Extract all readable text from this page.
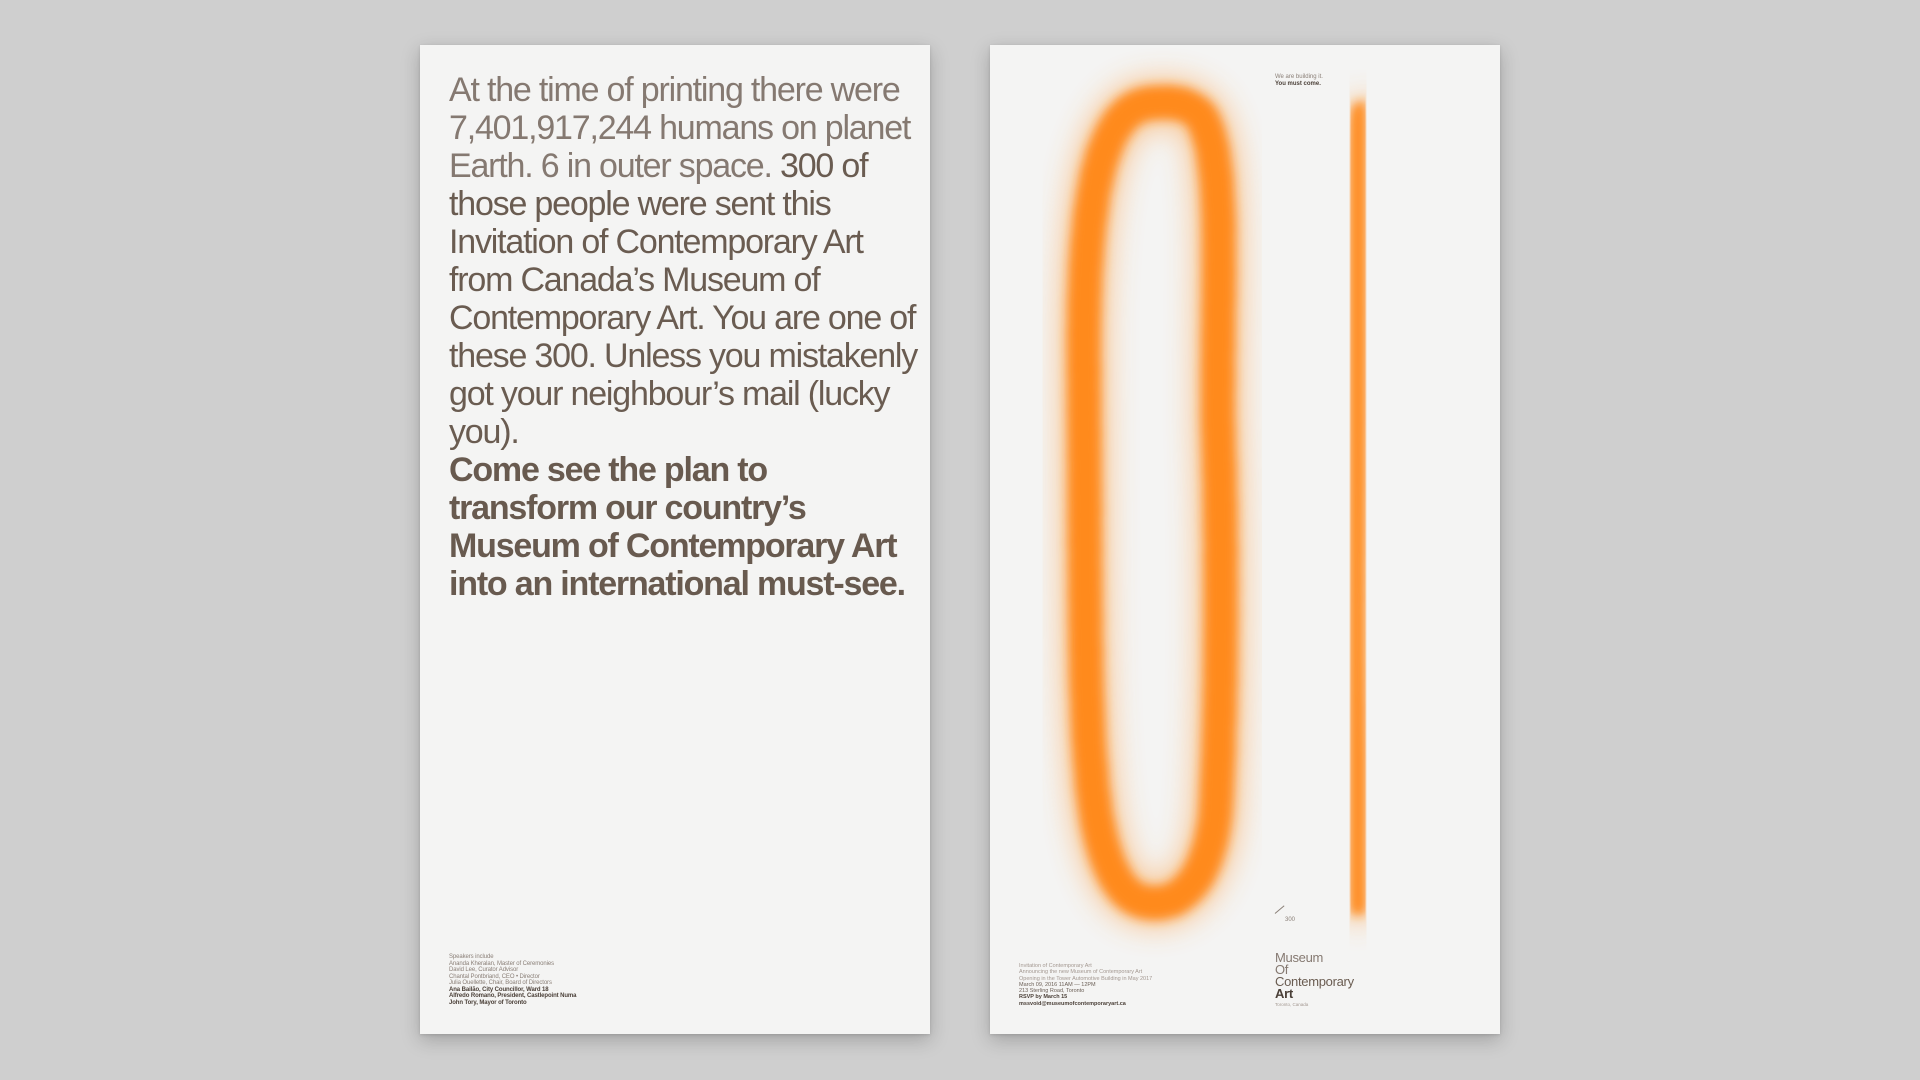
At the time of printing there were 7,401,917,244 humans on planet Earth. 6 in outer space. 300 of those people were sent this Invitation of Contemporary Art from Canada’s Museum of Contemporary Art. You are one of these 300. Unless you mistakenly got your neighbour’s mail (lucky you).
Come see the plan to transform our country’s Museum of Contemporary Art into an international must-see.
Speakers include
Ananda Kheralan, Master of Ceremonies
David Lee, Curator Advisor
Chantal Pontbriand, CEO • Director
Julia Ouellette, Chair, Board of Directors
Ana Bailão, City Councillor, Ward 18
Alfredo Romano, President, Castlepoint Numa
John Tory, Mayor of Toronto
We are building it.
You must come.
300
Invitation of Contemporary Art
Announcing the new Museum of Contemporary Art
Opening in the Tower Automotive Building in May 2017
March 09, 2016 11AM — 12PM
213 Sterling Road, Toronto
RSVP by March 15
mssvoid@museumofcontemporaryart.ca
Museum
Of
Contemporary
Art
Toronto, Canada
